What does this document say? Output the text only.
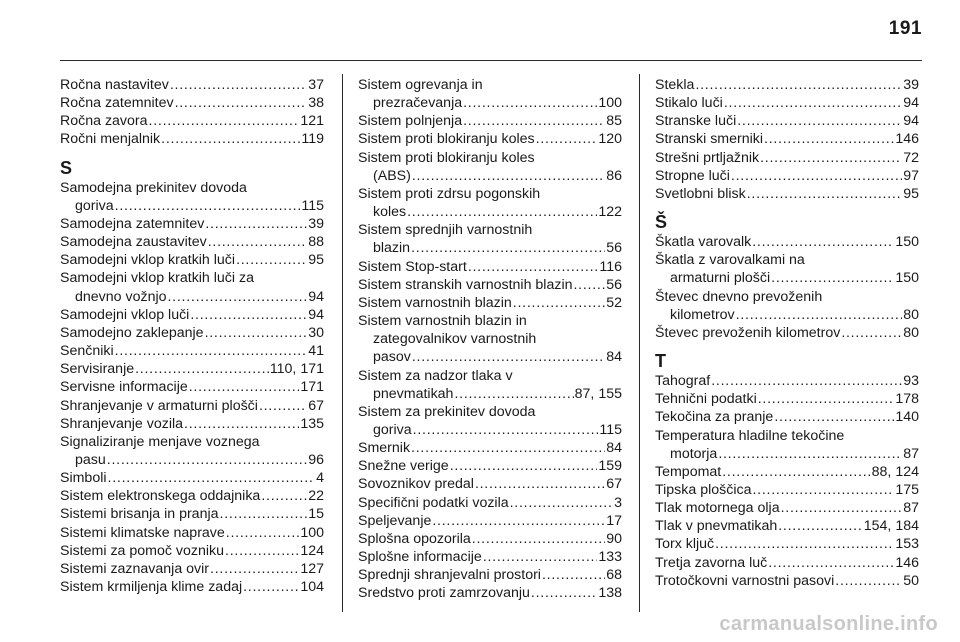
191
Ročna nastavitev . . .	37
Ročna zatemnitev . . .	38
Ročna zavora . . .	121
Ročni menjalnik . . .	119
S
Samodejna prekinitev dovoda
goriva . . .	115
Samodejna zatemnitev . . .	39
Samodejna zaustavitev . . .	88
Samodejni vklop kratkih luči . . .	95
Samodejni vklop kratkih luči za
dnevno vožnjo . . .	94
Samodejni vklop luči . . .	94
Samodejno zaklepanje . . .	30
Senčniki . . .	41
Servisiranje . . .	110, 171
Servisne informacije . . .	171
Shranjevanje v armaturni plošči . . .	67
Shranjevanje vozila . . .	135
Signaliziranje menjave voznega
pasu . . .	96
Simboli . . .	4
Sistem elektronskega oddajnika . . .	22
Sistemi brisanja in pranja . . .	15
Sistemi klimatske naprave . . .	100
Sistemi za pomoč vozniku . . .	124
Sistemi zaznavanja ovir . . .	127
Sistem krmiljenja klime zadaj . . .	104
Sistem ogrevanja in
prezračevanja . . .	100
Sistem polnjenja . . .	85
Sistem proti blokiranju koles . . .	120
Sistem proti blokiranju koles
(ABS) . . .	86
Sistem proti zdrsu pogonskih
koles . . .	122
Sistem sprednjih varnostnih
blazin . . .	56
Sistem Stop-start . . .	116
Sistem stranskih varnostnih blazin . . . 56
Sistem varnostnih blazin . . .	52
Sistem varnostnih blazin in
zategovalnikov varnostnih
pasov . . .	84
Sistem za nadzor tlaka v
pnevmatikah . . .	87, 155
Sistem za prekinitev dovoda
goriva . . .	115
Smernik . . .	84
Snežne verige . . .	159
Sovoznikov predal . . .	67
Specifični podatki vozila . . .	3
Speljevanje . . .	17
Splošna opozorila . . .	90
Splošne informacije . . .	133
Sprednji shranjevalni prostori . . .	68
Sredstvo proti zamrzovanju . . .	138
Stekla . . .	39
Stikalo luči . . .	94
Stranske luči . . .	94
Stranski smerniki . . .	146
Strešni prtljažnik . . .	72
Stropne luči . . .	97
Svetlobni blisk . . .	95
Š
Škatla varovalk . . .	150
Škatla z varovalkami na
armaturni plošči . . .	150
Števec dnevno prevoženih
kilometrov . . .	80
Števec prevoženih kilometrov . . .	80
T
Tahograf . . .	93
Tehnični podatki . . .	178
Tekočina za pranje . . .	140
Temperatura hladilne tekočine
motorja . . .	87
Tempomat . . .	88, 124
Tipska ploščica . . .	175
Tlak motornega olja . . .	87
Tlak v pnevmatikah . . .	154, 184
Torx ključ . . .	153
Tretja zavorna luč . . .	146
Trotočkovni varnostni pasovi . . .	50
carmanualsonline.info
